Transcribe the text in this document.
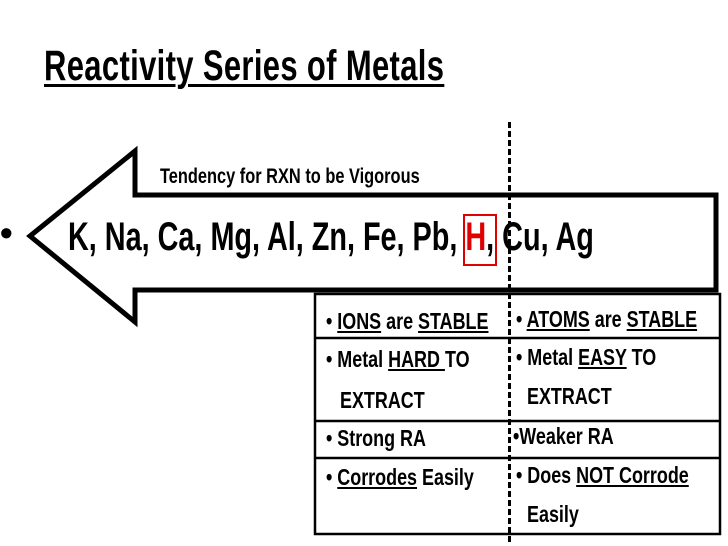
Reactivity Series of Metals
Tendency for RXN to be Vigorous
• K, Na, Ca, Mg, Al, Zn, Fe, Pb, H, Cu, Ag
• IONS are STABLE
• Metal HARD TO
EXTRACT
• Strong RA
• Corrodes Easily
• ATOMS are STABLE
• Metal EASY TO
EXTRACT
•Weaker RA
• Does NOT Corrode
Easily
